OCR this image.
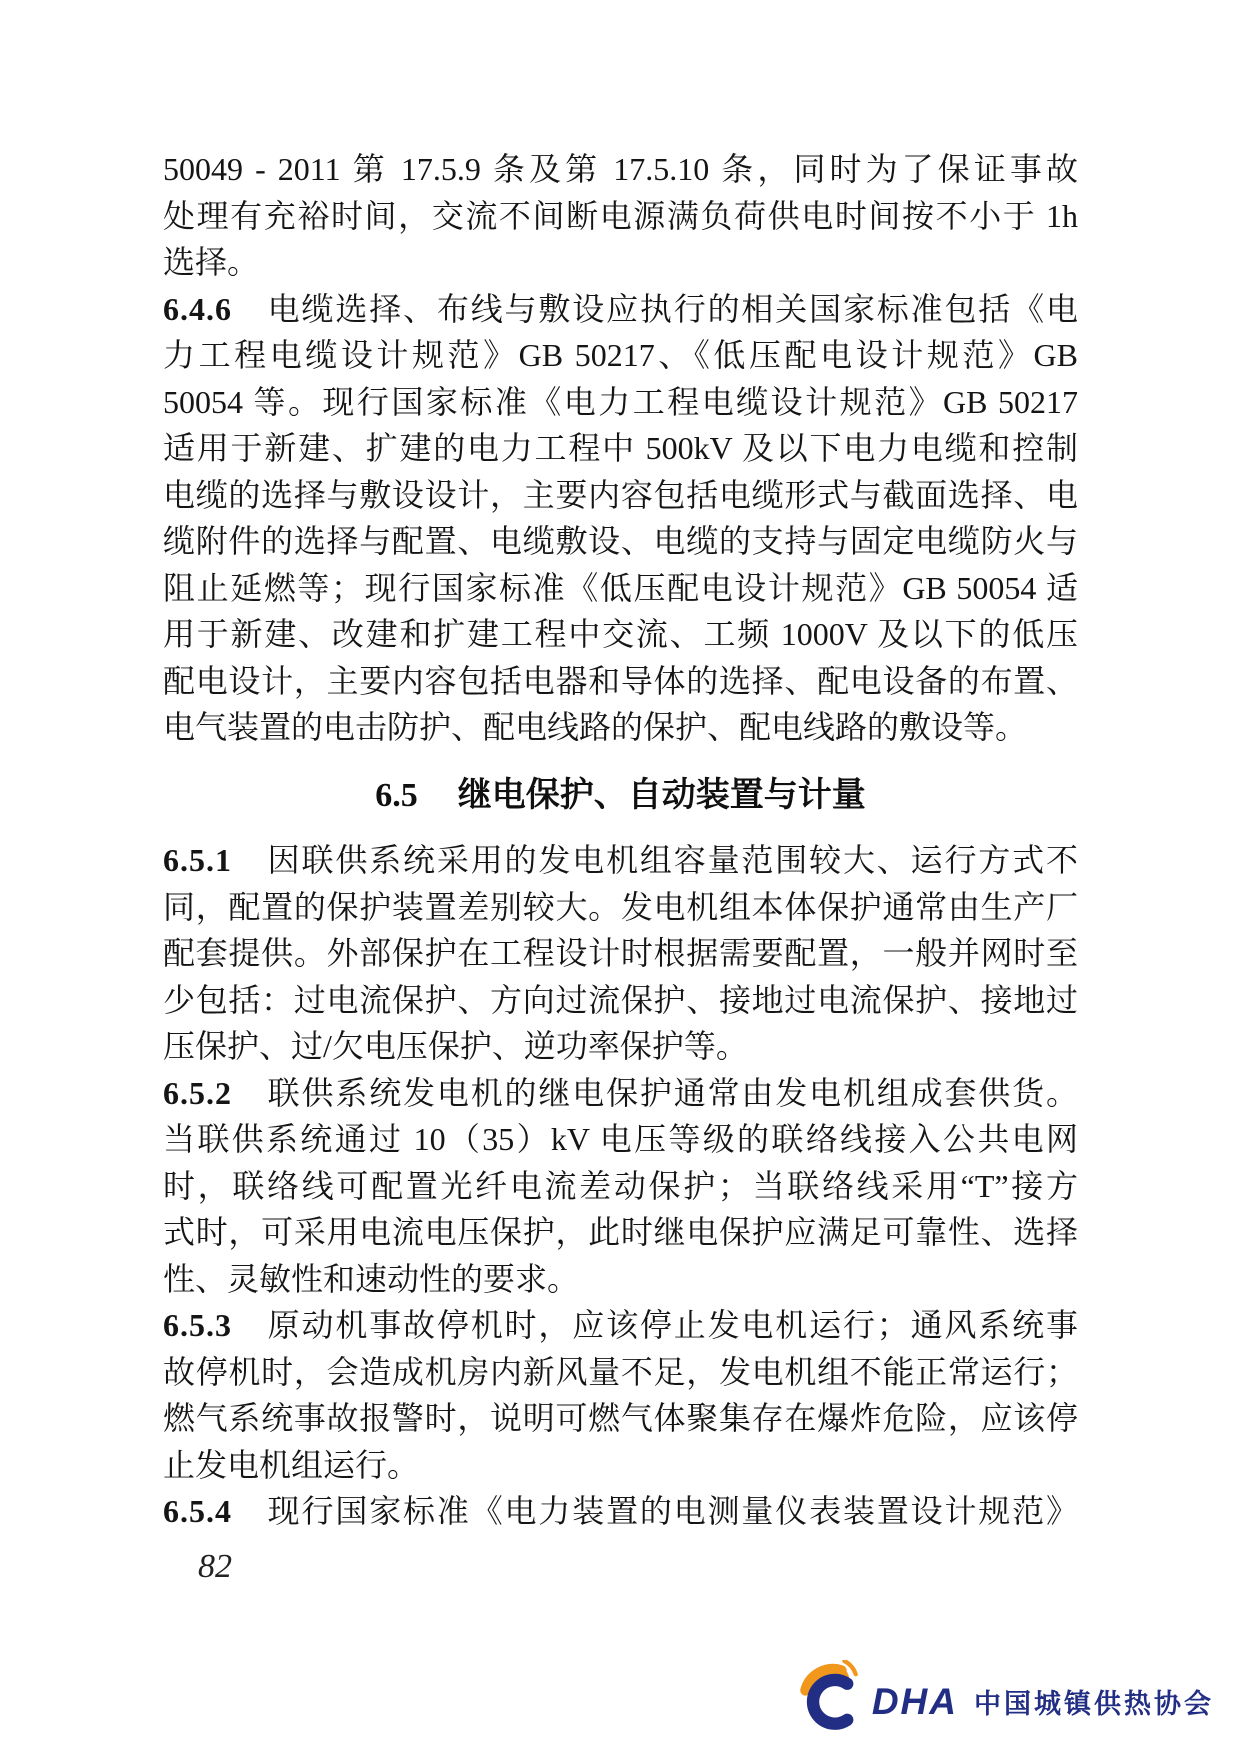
50049 - 2011 第 17.5.9 条及第 17.5.10 条，同时为了保证事故
处理有充裕时间，交流不间断电源满负荷供电时间按不小于 1h
选择。
6.4.6　电缆选择、布线与敷设应执行的相关国家标准包括《电
力工程电缆设计规范》GB 50217、《低压配电设计规范》GB
50054 等。现行国家标准《电力工程电缆设计规范》GB 50217
适用于新建、扩建的电力工程中 500kV 及以下电力电缆和控制
电缆的选择与敷设设计，主要内容包括电缆形式与截面选择、电
缆附件的选择与配置、电缆敷设、电缆的支持与固定电缆防火与
阻止延燃等；现行国家标准《低压配电设计规范》GB 50054 适
用于新建、改建和扩建工程中交流、工频 1000V 及以下的低压
配电设计，主要内容包括电器和导体的选择、配电设备的布置、
电气装置的电击防护、配电线路的保护、配电线路的敷设等。
6.5　继电保护、自动装置与计量
6.5.1　因联供系统采用的发电机组容量范围较大、运行方式不
同，配置的保护装置差别较大。发电机组本体保护通常由生产厂
配套提供。外部保护在工程设计时根据需要配置，一般并网时至
少包括：过电流保护、方向过流保护、接地过电流保护、接地过
压保护、过/欠电压保护、逆功率保护等。
6.5.2　联供系统发电机的继电保护通常由发电机组成套供货。
当联供系统通过 10（35）kV 电压等级的联络线接入公共电网
时，联络线可配置光纤电流差动保护；当联络线采用“T”接方
式时，可采用电流电压保护，此时继电保护应满足可靠性、选择
性、灵敏性和速动性的要求。
6.5.3　原动机事故停机时，应该停止发电机运行；通风系统事
故停机时，会造成机房内新风量不足，发电机组不能正常运行；
燃气系统事故报警时，说明可燃气体聚集存在爆炸危险，应该停
止发电机组运行。
6.5.4　现行国家标准《电力装置的电测量仪表装置设计规范》
82
DHA 中国城镇供热协会
